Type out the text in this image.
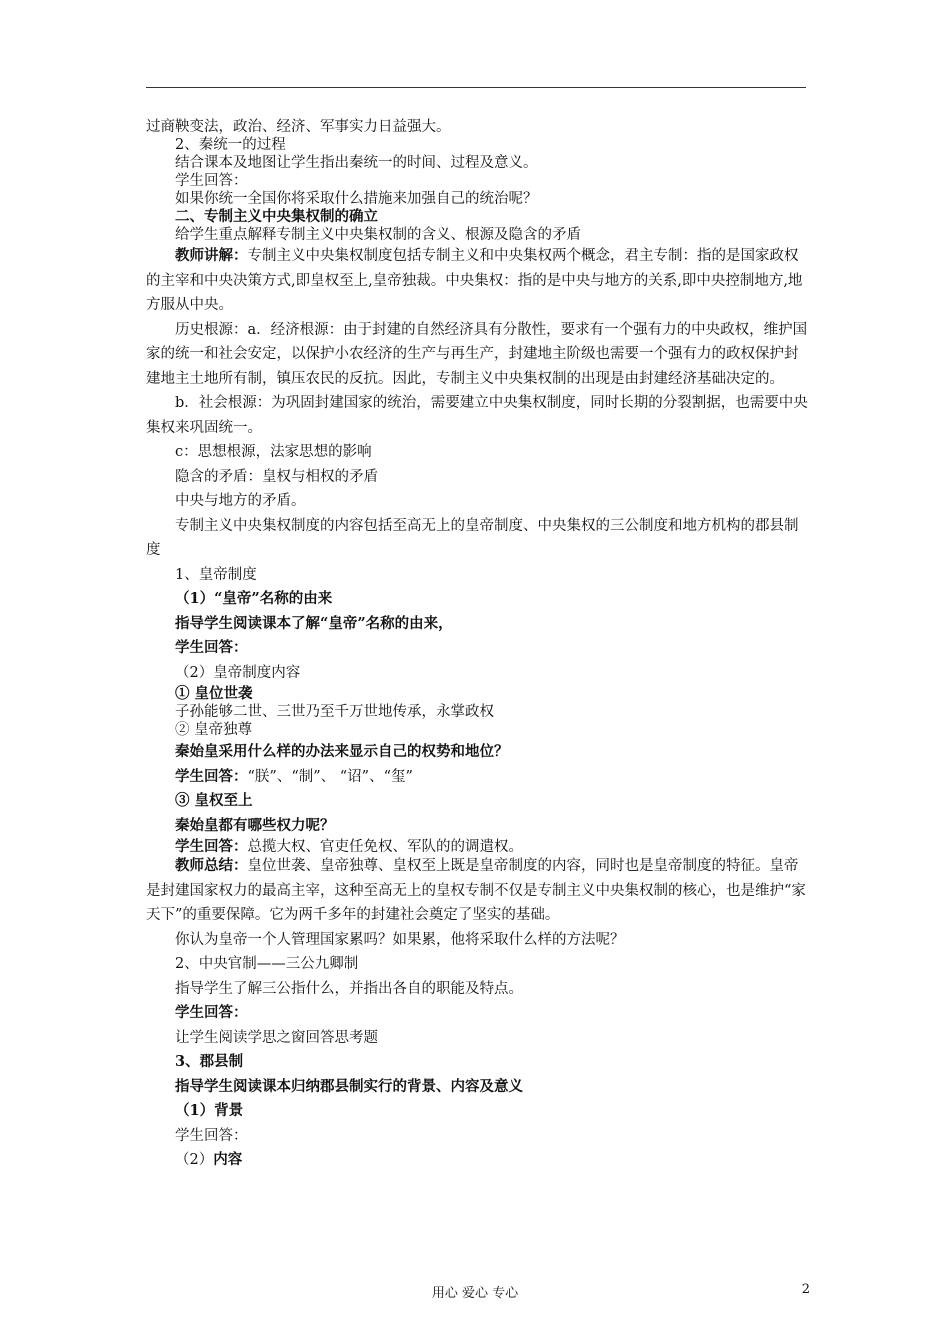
过商鞅变法，政治、经济、军事实力日益强大。
2、秦统一的过程
结合课本及地图让学生指出秦统一的时间、过程及意义。
学生回答：
如果你统一全国你将采取什么措施来加强自己的统治呢？
二、专制主义中央集权制的确立
给学生重点解释专制主义中央集权制的含义、根源及隐含的矛盾
教师讲解：专制主义中央集权制度包括专制主义和中央集权两个概念，君主专制：指的是国家政权的主宰和中央决策方式,即皇权至上,皇帝独裁。中央集权：指的是中央与地方的关系,即中央控制地方,地方服从中央。
历史根源：a．经济根源：由于封建的自然经济具有分散性，要求有一个强有力的中央政权，维护国家的统一和社会安定，以保护小农经济的生产与再生产，封建地主阶级也需要一个强有力的政权保护封建地主土地所有制，镇压农民的反抗。因此，专制主义中央集权制的出现是由封建经济基础决定的。
b．社会根源：为巩固封建国家的统治，需要建立中央集权制度，同时长期的分裂割据，也需要中央集权来巩固统一。
c：思想根源，法家思想的影响
隐含的矛盾：皇权与相权的矛盾
中央与地方的矛盾。
专制主义中央集权制度的内容包括至高无上的皇帝制度、中央集权的三公制度和地方机构的郡县制度
1、皇帝制度
（1）“皇帝”名称的由来
指导学生阅读课本了解“皇帝”名称的由来，
学生回答：
（2）皇帝制度内容
① 皇位世袭
子孙能够二世、三世乃至千万世地传承，永掌政权
② 皇帝独尊
秦始皇采用什么样的办法来显示自己的权势和地位？
学生回答：“朕”、“制”、 “诏”、“玺”
③ 皇权至上
秦始皇都有哪些权力呢？
学生回答：总揽大权、官吏任免权、军队的的调遣权。
教师总结：皇位世袭、皇帝独尊、皇权至上既是皇帝制度的内容，同时也是皇帝制度的特征。皇帝是封建国家权力的最高主宰，这种至高无上的皇权专制不仅是专制主义中央集权制的核心，也是维护“家天下”的重要保障。它为两千多年的封建社会奠定了坚实的基础。
你认为皇帝一个人管理国家累吗？如果累，他将采取什么样的方法呢？
2、中央官制——三公九卿制
指导学生了解三公指什么，并指出各自的职能及特点。
学生回答：
让学生阅读学思之窗回答思考题
3、郡县制
指导学生阅读课本归纳郡县制实行的背景、内容及意义
（1）背景
学生回答：
（2）内容
用心 爱心 专心	2
